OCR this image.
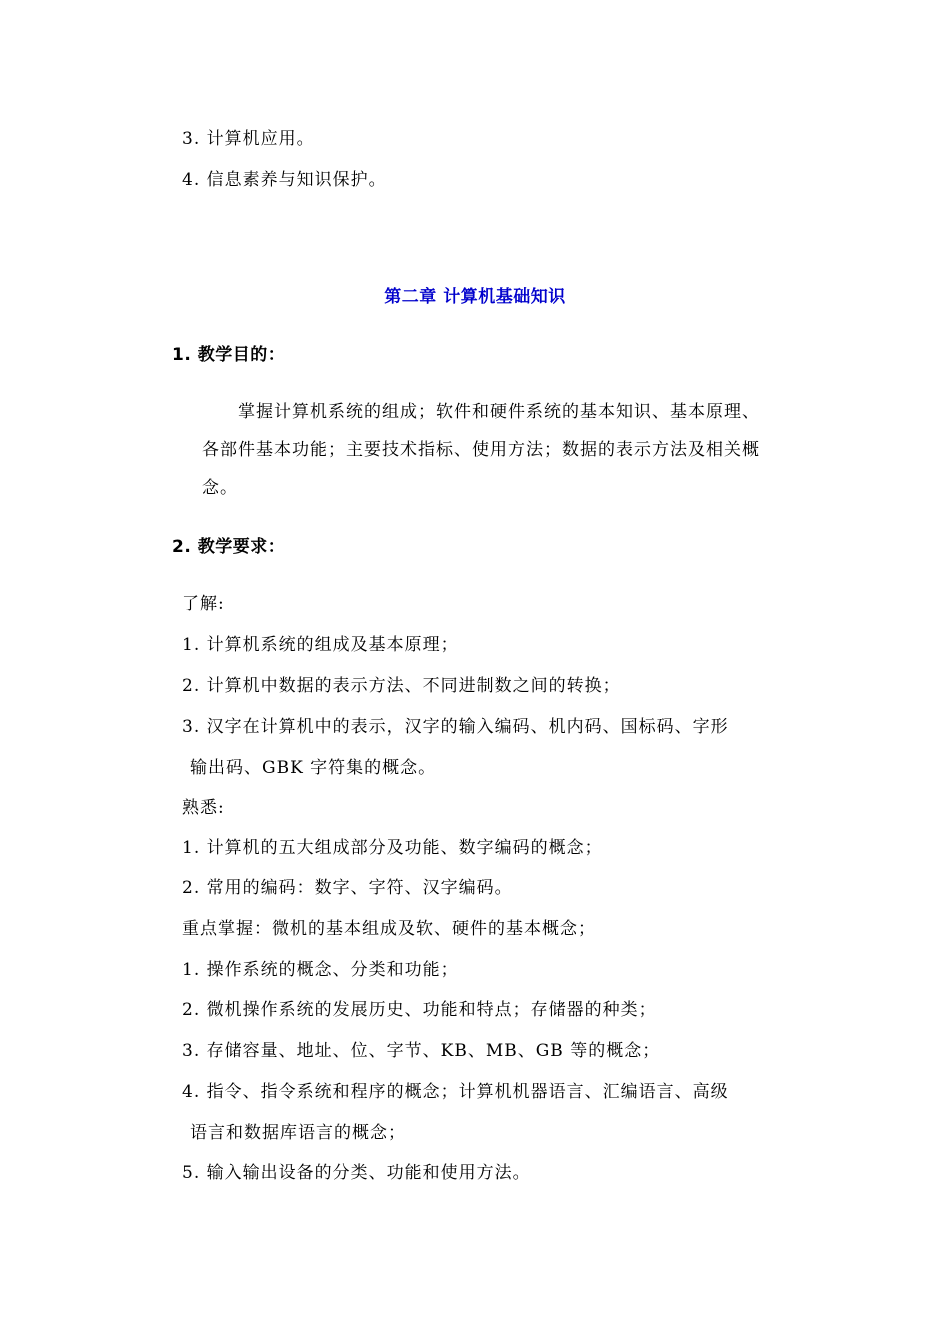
3. 计算机应用。
4. 信息素养与知识保护。
第二章 计算机基础知识
1. 教学目的：
掌握计算机系统的组成；软件和硬件系统的基本知识、基本原理、
各部件基本功能；主要技术指标、使用方法；数据的表示方法及相关概
念。
2. 教学要求：
了解:
1. 计算机系统的组成及基本原理；
2. 计算机中数据的表示方法、不同进制数之间的转换；
3. 汉字在计算机中的表示，汉字的输入编码、机内码、国标码、字形
输出码、GBK 字符集的概念。
熟悉:
1. 计算机的五大组成部分及功能、数字编码的概念；
2. 常用的编码：数字、字符、汉字编码。
重点掌握：微机的基本组成及软、硬件的基本概念；
1. 操作系统的概念、分类和功能；
2. 微机操作系统的发展历史、功能和特点；存储器的种类；
3. 存储容量、地址、位、字节、KB、MB、GB 等的概念；
4. 指令、指令系统和程序的概念；计算机机器语言、汇编语言、高级
语言和数据库语言的概念；
5. 输入输出设备的分类、功能和使用方法。
